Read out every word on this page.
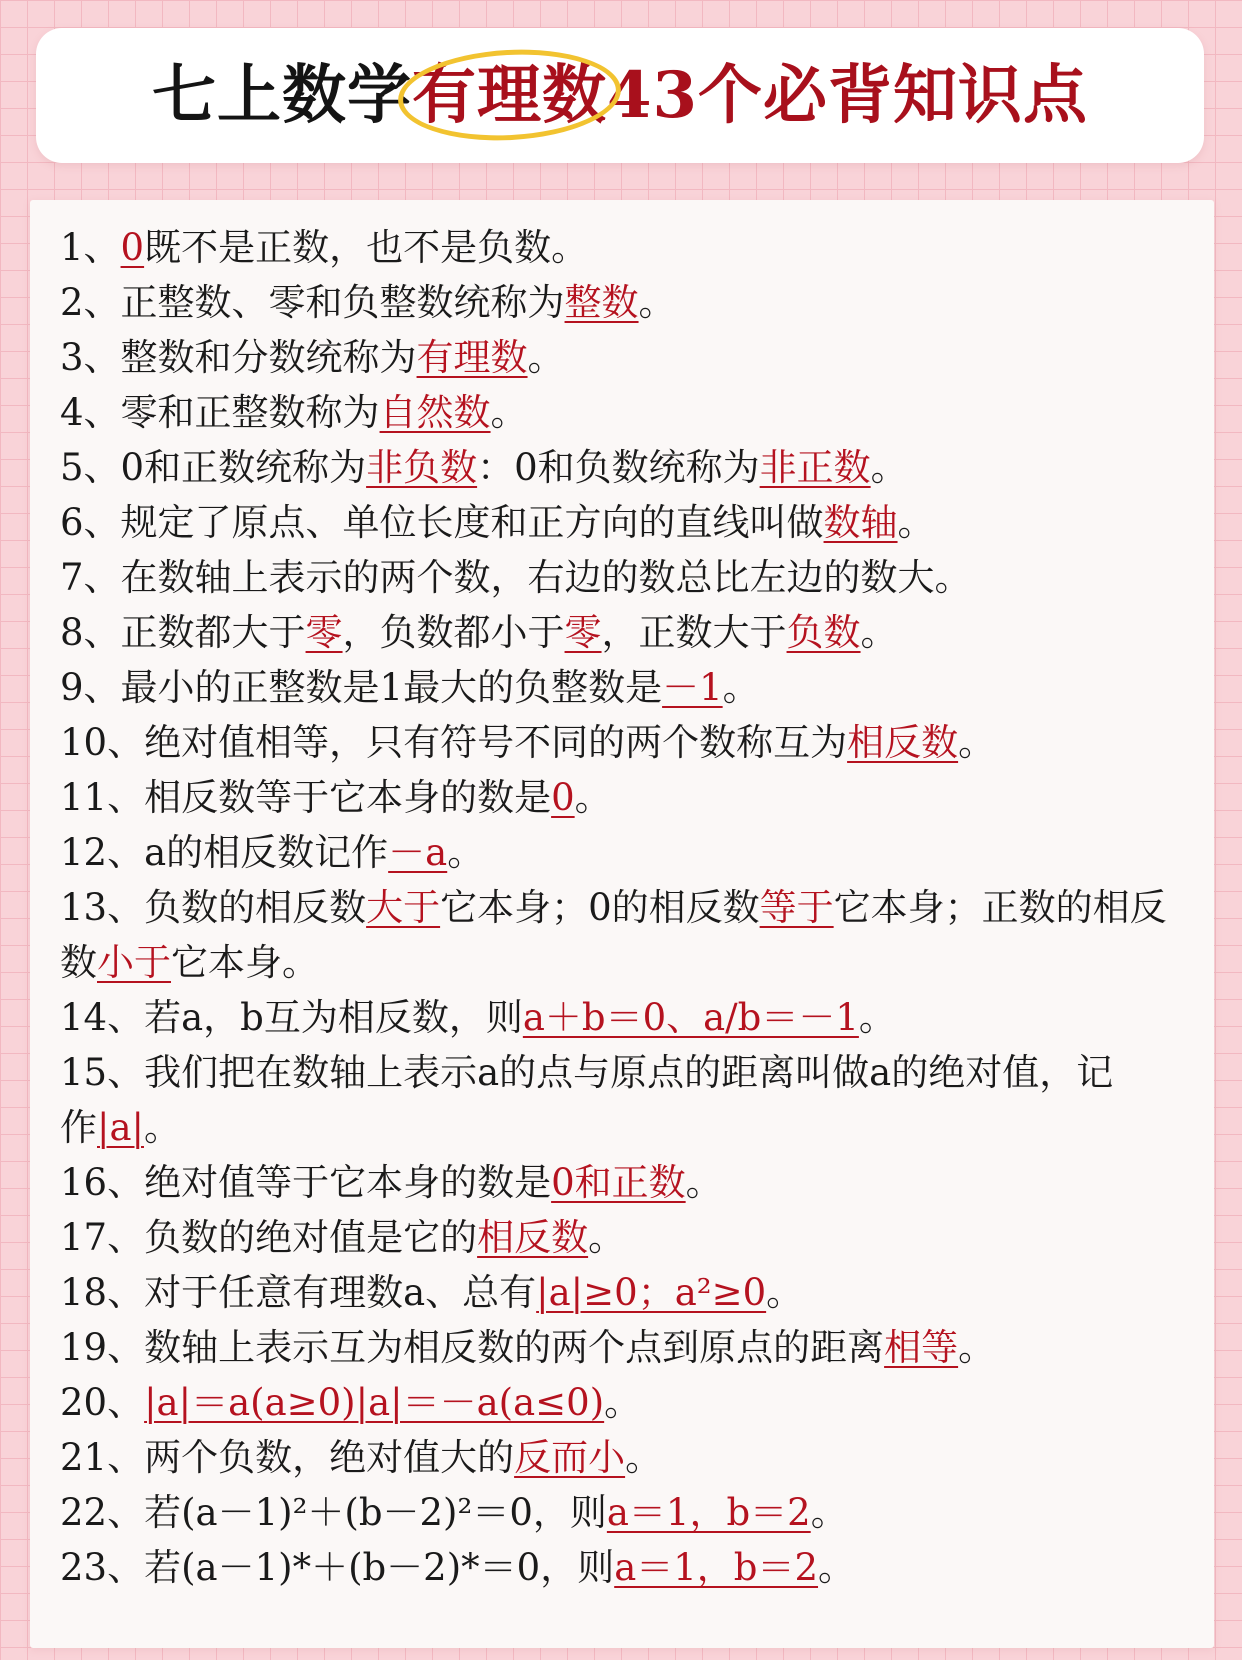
七上数学有理数
43个必背知识点

1、0既不是正数，也不是负数。

2、正整数、零和负整数统称为整数。

3、整数和分数统称为有理数。

4、零和正整数称为自然数。

5、0和正数统称为非负数：0和负数统称为非正数。

6、规定了原点、单位长度和正方向的直线叫做数轴。

7、在数轴上表示的两个数，右边的数总比左边的数大。

8、正数都大于零，负数都小于零，正数大于负数。

9、最小的正整数是1最大的负整数是－1。

10、绝对值相等，只有符号不同的两个数称互为相反数。

11、相反数等于它本身的数是0。

12、a的相反数记作－a。

13、负数的相反数大于它本身；0的相反数等于它本身；正数的相反数小于它本身。

14、若a，b互为相反数，则a＋b＝0、a/b＝－1。

15、我们把在数轴上表示a的点与原点的距离叫做a的绝对值，记作|a|。

16、绝对值等于它本身的数是0和正数。

17、负数的绝对值是它的相反数。

18、对于任意有理数a、总有|a|≥0；a²≥0。

19、数轴上表示互为相反数的两个点到原点的距离相等。

20、|a|＝a(a≥0)|a|＝－a(a≤0)。

21、两个负数，绝对值大的反而小。

22、若(a－1)²＋(b－2)²＝0，则a＝1，b＝2。

23、若(a－1)*＋(b－2)*＝0，则a＝1，b＝2。
